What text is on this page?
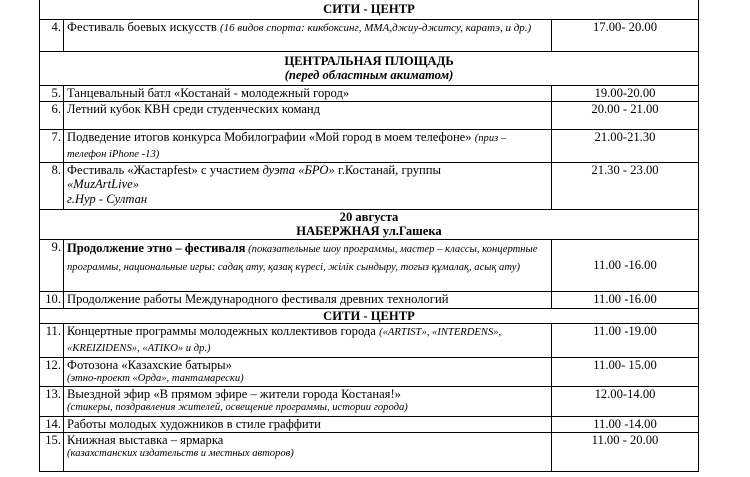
СИТИ - ЦЕНТР		
4.	Фестиваль боевых искусств (16 видов спорта: кикбоксинг, ММА,джиу-джитсу, каратэ, и др.)	17.00- 20.00

ЦЕНТРАЛЬНАЯ ПЛОЩАДЬ
(перед областным акиматом)		

5.	Танцевальный батл «Костанай - молодежный город»	19.00-20.00
6.	Летний кубок КВН среди студенческих команд	20.00 - 21.00
7.	Подведение итогов конкурса Мобилографии «Мой город в моем телефоне» (приз – телефон iPhone -13)	21.00-21.30
8.	Фестиваль «Жастарfest» с участием дуэта «БРО» г.Костанай, группы
«MuzArtLive»
г.Нур - Султан	21.30 - 23.00

20 августа
НАБЕРЖНАЯ ул.Гашека		

9.	Продолжение этно – фестиваля (показательные шоу программы, мастер – классы, концертные программы, национальные игры: садақ ату, қазақ күресі, жілік сындыру, тогыз құмалақ, асық ату)	11.00 -16.00
10.	Продолжение работы Международного фестиваля древних технологий	11.00 -16.00
СИТИ - ЦЕНТР		
11.	Концертные программы молодежных коллективов города («ARTIST», «INTERDENS», «KREIZIDENS», «ATIKO» и др.)	11.00 -19.00
12.	Фотозона «Казахские батыры»
(этно-проект «Орда», тантамарески)	11.00- 15.00
13.	Выездной эфир «В прямом эфире – жители города Костаная!»
(стикеры, поздравления жителей, освещение программы, истории города)	12.00-14.00
14.	Работы молодых художников в стиле граффити	11.00 -14.00
15.	Книжная выставка – ярмарка
(казахстанских издательств и местных авторов)	11.00 - 20.00
